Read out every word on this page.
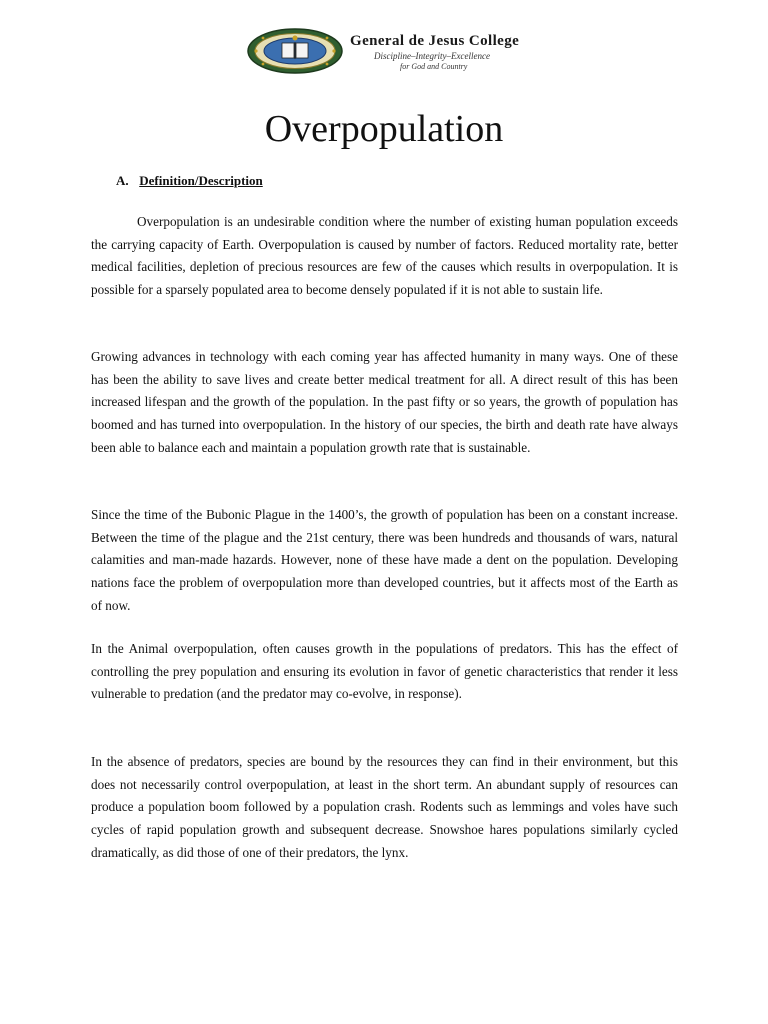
General de Jesus College
Discipline–Integrity–Excellence
for God and Country
Overpopulation
A. Definition/Description

Overpopulation is an undesirable condition where the number of existing human population exceeds the carrying capacity of Earth. Overpopulation is caused by number of factors. Reduced mortality rate, better medical facilities, depletion of precious resources are few of the causes which results in overpopulation. It is possible for a sparsely populated area to become densely populated if it is not able to sustain life.

Growing advances in technology with each coming year has affected humanity in many ways. One of these has been the ability to save lives and create better medical treatment for all. A direct result of this has been increased lifespan and the growth of the population. In the past fifty or so years, the growth of population has boomed and has turned into overpopulation. In the history of our species, the birth and death rate have always been able to balance each and maintain a population growth rate that is sustainable.

Since the time of the Bubonic Plague in the 1400’s, the growth of population has been on a constant increase. Between the time of the plague and the 21st century, there was been hundreds and thousands of wars, natural calamities and man-made hazards. However, none of these have made a dent on the population. Developing nations face the problem of overpopulation more than developed countries, but it affects most of the Earth as of now.

In the Animal overpopulation, often causes growth in the populations of predators. This has the effect of controlling the prey population and ensuring its evolution in favor of genetic characteristics that render it less vulnerable to predation (and the predator may co-evolve, in response).

In the absence of predators, species are bound by the resources they can find in their environment, but this does not necessarily control overpopulation, at least in the short term. An abundant supply of resources can produce a population boom followed by a population crash. Rodents such as lemmings and voles have such cycles of rapid population growth and subsequent decrease. Snowshoe hares populations similarly cycled dramatically, as did those of one of their predators, the lynx.
